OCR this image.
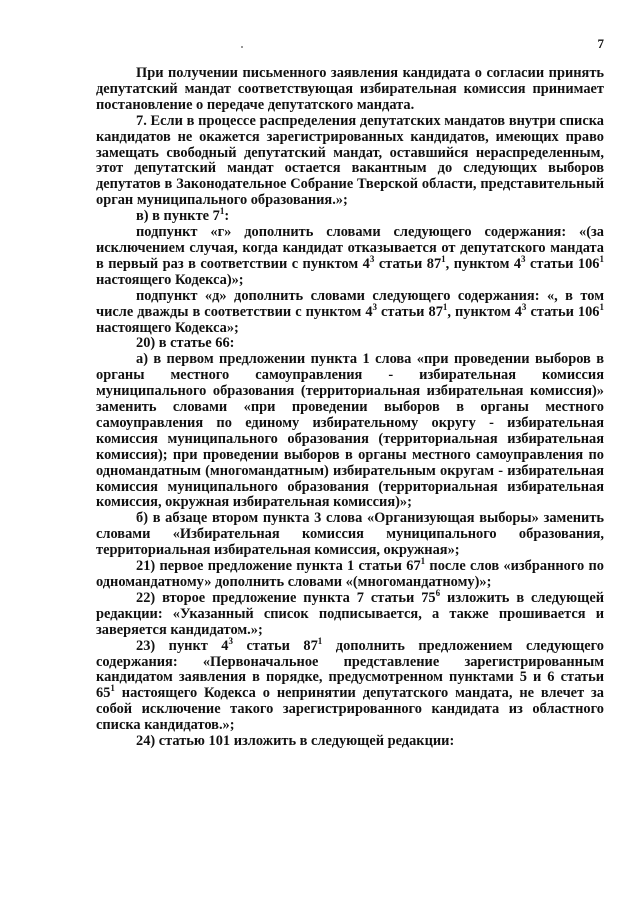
7

При получении письменного заявления кандидата о согласии принять депутатский мандат соответствующая избирательная комиссия принимает постановление о передаче депутатского мандата.

7. Если в процессе распределения депутатских мандатов внутри списка кандидатов не окажется зарегистрированных кандидатов, имеющих право замещать свободный депутатский мандат, оставшийся нераспределенным, этот депутатский мандат остается вакантным до следующих выборов депутатов в Законодательное Собрание Тверской области, представительный орган муниципального образования.»;

в) в пункте $7^1$:

подпункт «г» дополнить словами следующего содержания: «(за исключением случая, когда кандидат отказывается от депутатского мандата в первый раз в соответствии с пунктом $4^3$ статьи $87^1$, пунктом $4^3$ статьи $106^1$ настоящего Кодекса)»;

подпункт «д» дополнить словами следующего содержания: «, в том числе дважды в соответствии с пунктом $4^3$ статьи $87^1$, пунктом $4^3$ статьи $106^1$ настоящего Кодекса»;

20) в статье 66:

а) в первом предложении пункта 1 слова «при проведении выборов в органы местного самоуправления - избирательная комиссия муниципального образования (территориальная избирательная комиссия)» заменить словами «при проведении выборов в органы местного самоуправления по единому избирательному округу - избирательная комиссия муниципального образования (территориальная избирательная комиссия); при проведении выборов в органы местного самоуправления по одномандатным (многомандатным) избирательным округам - избирательная комиссия муниципального образования (территориальная избирательная комиссия, окружная избирательная комиссия)»;

б) в абзаце втором пункта 3 слова «Организующая выборы» заменить словами «Избирательная комиссия муниципального образования, территориальная избирательная комиссия, окружная»;

21) первое предложение пункта 1 статьи $67^1$ после слов «избранного по одномандатному» дополнить словами «(многомандатному)»;

22) второе предложение пункта 7 статьи $75^6$ изложить в следующей редакции: «Указанный список подписывается, а также прошивается и заверяется кандидатом.»;

23) пункт $4^3$ статьи $87^1$ дополнить предложением следующего содержания: «Первоначальное представление зарегистрированным кандидатом заявления в порядке, предусмотренном пунктами 5 и 6 статьи $65^1$ настоящего Кодекса о непринятии депутатского мандата, не влечет за собой исключение такого зарегистрированного кандидата из областного списка кандидатов.»;

24) статью 101 изложить в следующей редакции:
